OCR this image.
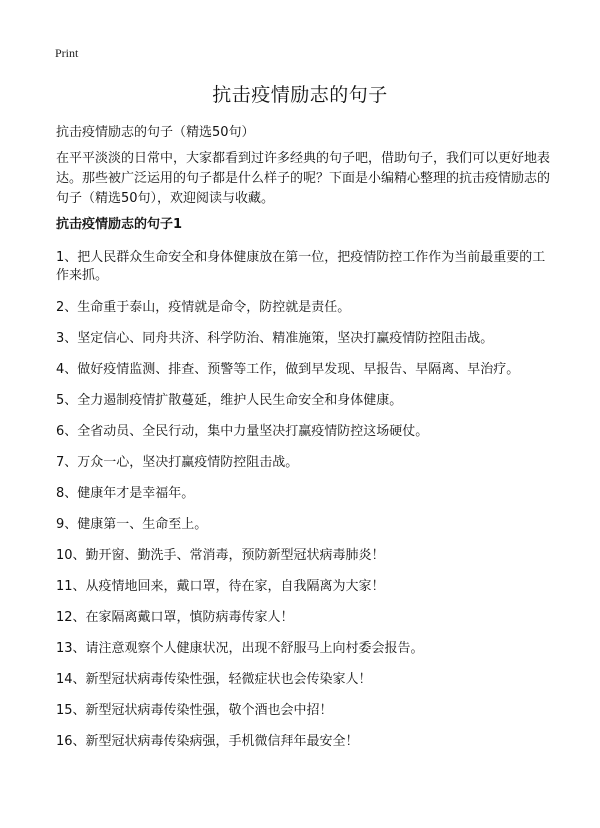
Print
抗击疫情励志的句子
抗击疫情励志的句子（精选50句）

在平平淡淡的日常中，大家都看到过许多经典的句子吧，借助句子，我们可以更好地表达。那些被广泛运用的句子都是什么样子的呢？下面是小编精心整理的抗击疫情励志的句子（精选50句），欢迎阅读与收藏。

抗击疫情励志的句子1
1、把人民群众生命安全和身体健康放在第一位，把疫情防控工作作为当前最重要的工作来抓。
2、生命重于泰山，疫情就是命令，防控就是责任。
3、坚定信心、同舟共济、科学防治、精准施策，坚决打赢疫情防控阻击战。
4、做好疫情监测、排查、预警等工作，做到早发现、早报告、早隔离、早治疗。
5、全力遏制疫情扩散蔓延，维护人民生命安全和身体健康。
6、全省动员、全民行动，集中力量坚决打赢疫情防控这场硬仗。
7、万众一心，坚决打赢疫情防控阻击战。
8、健康年才是幸福年。
9、健康第一、生命至上。
10、勤开窗、勤洗手、常消毒，预防新型冠状病毒肺炎！
11、从疫情地回来，戴口罩，待在家，自我隔离为大家！
12、在家隔离戴口罩，慎防病毒传家人！
13、请注意观察个人健康状况，出现不舒服马上向村委会报告。
14、新型冠状病毒传染性强，轻微症状也会传染家人！
15、新型冠状病毒传染性强，敬个酒也会中招！
16、新型冠状病毒传染病强，手机微信拜年最安全！
